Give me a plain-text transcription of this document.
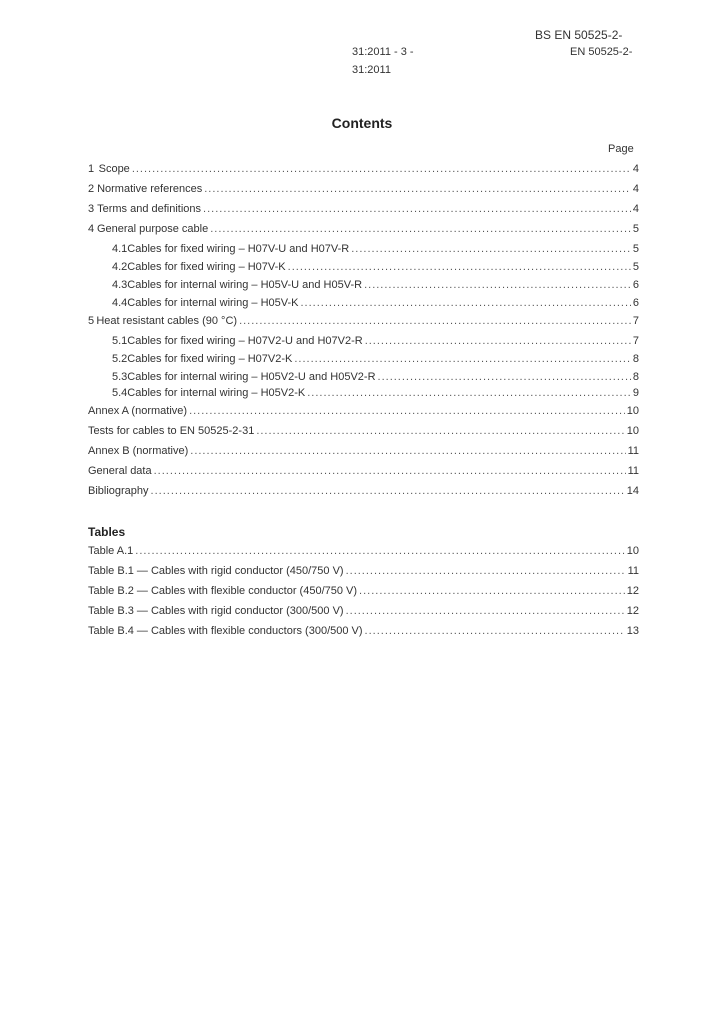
BS EN 50525-2-
31:2011 - 3 -	EN 50525-2-
31:2011
Contents
Page
1 Scope .....	4
2 Normative references .....	4
3 Terms and definitions .....	4
4 General purpose cable .....	5
4.1 Cables for fixed wiring – H07V-U and H07V-R .....	5
4.2 Cables for fixed wiring – H07V-K .....	5
4.3 Cables for internal wiring – H05V-U and H05V-R .....	6
4.4 Cables for internal wiring – H05V-K .....	6
5 Heat resistant cables (90 °C) .....	7
5.1 Cables for fixed wiring – H07V2-U and H07V2-R .....	7
5.2 Cables for fixed wiring – H07V2-K .....	8
5.3 Cables for internal wiring – H05V2-U and H05V2-R .....	8
5.4 Cables for internal wiring – H05V2-K .....	9
Annex A (normative) .....	10
Tests for cables to EN 50525-2-31 .....	10
Annex B (normative) .....	11
General data .....	11
Bibliography .....	14
Tables
Table A.1 .....	10
Table B.1 — Cables with rigid conductor (450/750 V) .....	11
Table B.2 — Cables with flexible conductor (450/750 V) .....	12
Table B.3 — Cables with rigid conductor (300/500 V) .....	12
Table B.4 — Cables with flexible conductors (300/500 V) .....	13
